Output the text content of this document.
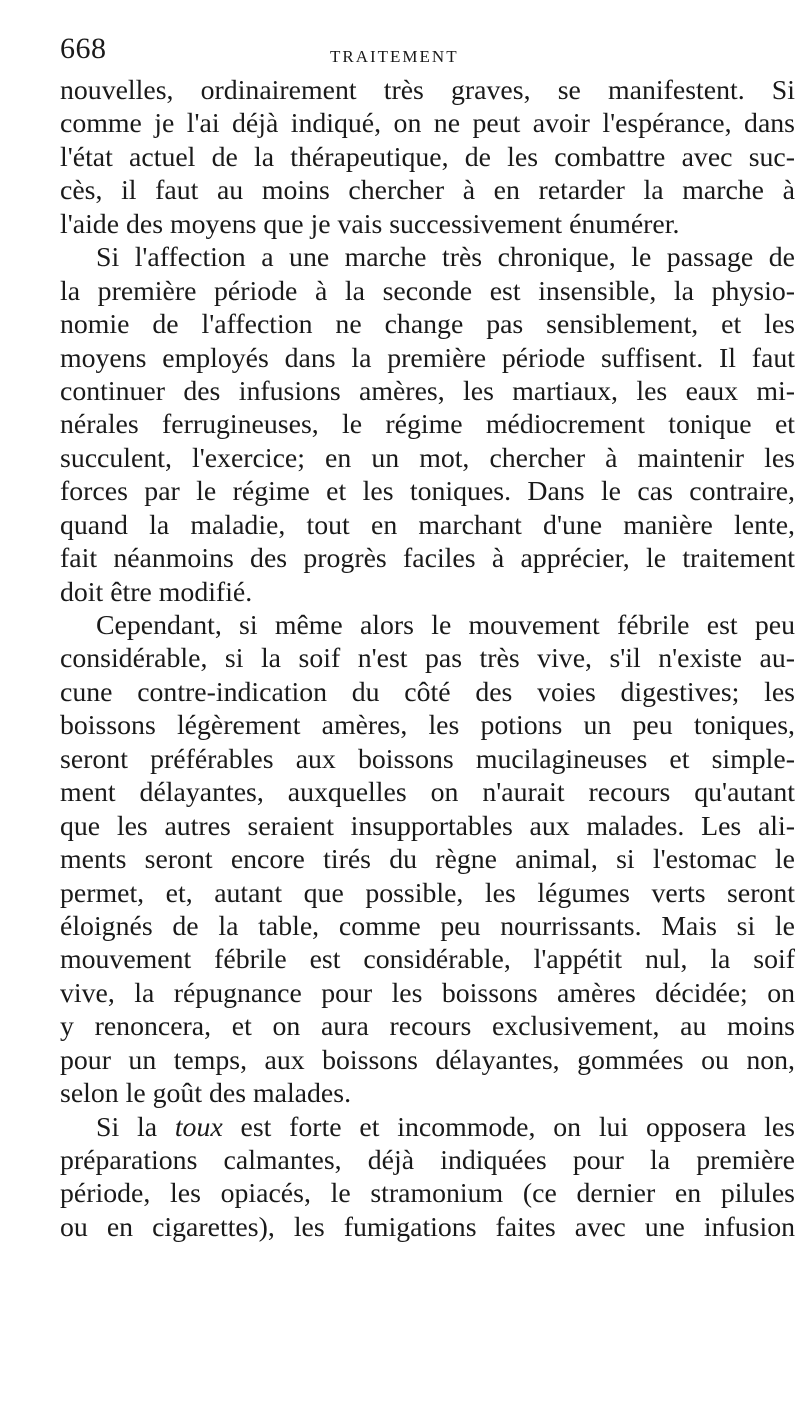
668	TRAITEMENT
nouvelles, ordinairement très graves, se manifestent. Si
comme je l'ai déjà indiqué, on ne peut avoir l'espérance, dans
l'état actuel de la thérapeutique, de les combattre avec suc-
cès, il faut au moins chercher à en retarder la marche à
l'aide des moyens que je vais successivement énumérer.
Si l'affection a une marche très chronique, le passage de
la première période à la seconde est insensible, la physio-
nomie de l'affection ne change pas sensiblement, et les
moyens employés dans la première période suffisent. Il faut
continuer des infusions amères, les martiaux, les eaux mi-
nérales ferrugineuses, le régime médiocrement tonique et
succulent, l'exercice; en un mot, chercher à maintenir les
forces par le régime et les toniques. Dans le cas contraire,
quand la maladie, tout en marchant d'une manière lente,
fait néanmoins des progrès faciles à apprécier, le traitement
doit être modifié.
Cependant, si même alors le mouvement fébrile est peu
considérable, si la soif n'est pas très vive, s'il n'existe au-
cune contre-indication du côté des voies digestives; les
boissons légèrement amères, les potions un peu toniques,
seront préférables aux boissons mucilagineuses et simple-
ment délayantes, auxquelles on n'aurait recours qu'autant
que les autres seraient insupportables aux malades. Les ali-
ments seront encore tirés du règne animal, si l'estomac le
permet, et, autant que possible, les légumes verts seront
éloignés de la table, comme peu nourrissants. Mais si le
mouvement fébrile est considérable, l'appétit nul, la soif
vive, la répugnance pour les boissons amères décidée; on
y renoncera, et on aura recours exclusivement, au moins
pour un temps, aux boissons délayantes, gommées ou non,
selon le goût des malades.
Si la toux est forte et incommode, on lui opposera les
préparations calmantes, déjà indiquées pour la première
période, les opiacés, le stramonium (ce dernier en pilules
ou en cigarettes), les fumigations faites avec une infusion
